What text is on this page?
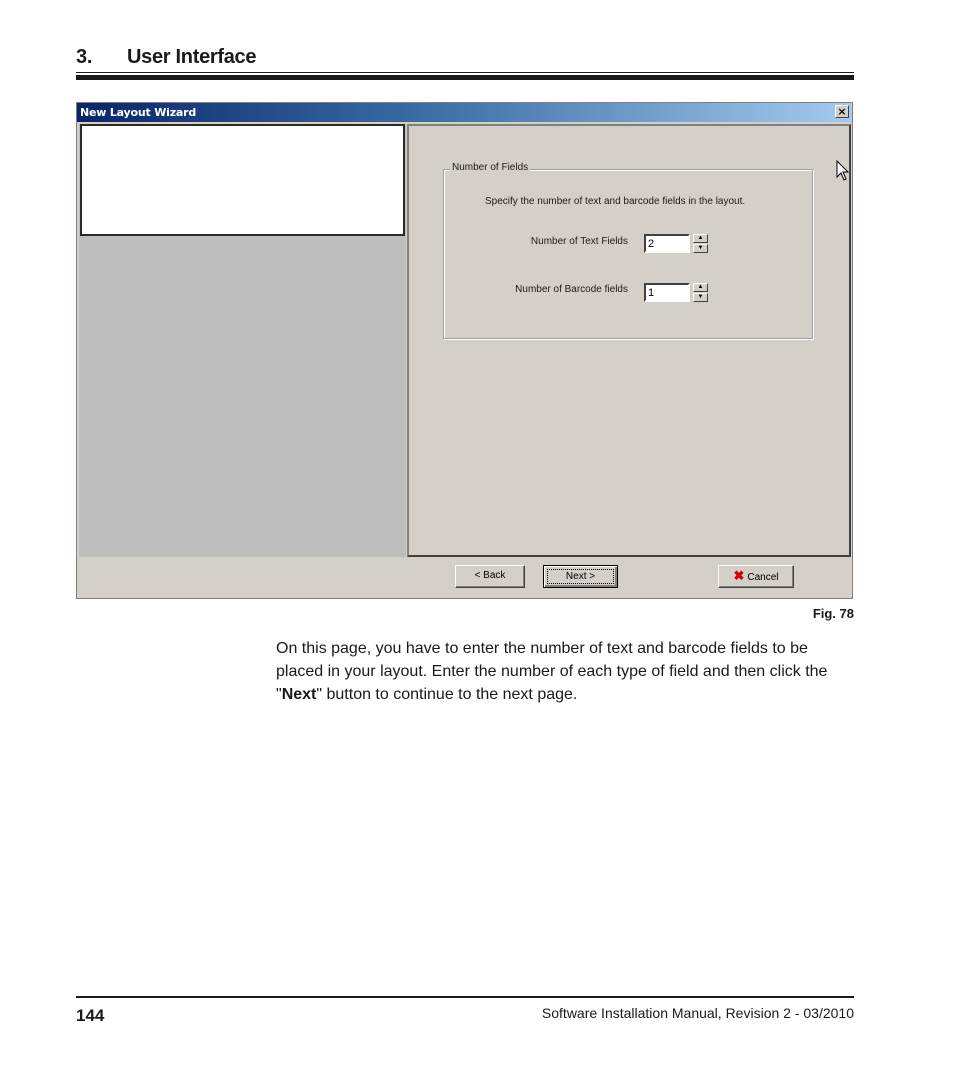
3. User Interface
New Layout Wizard	×
Number of Fields
Specify the number of text and barcode fields in the layout.
Number of Text Fields	2	▲
▼
Number of Barcode fields	1	▲
▼
< Back	Next >	✖ Cancel
Fig. 78
On this page, you have to enter the number of text and barcode fields to be placed in your layout. Enter the number of each type of field and then click the "Next" button to continue to the next page.
144	Software Installation Manual, Revision 2 - 03/2010
